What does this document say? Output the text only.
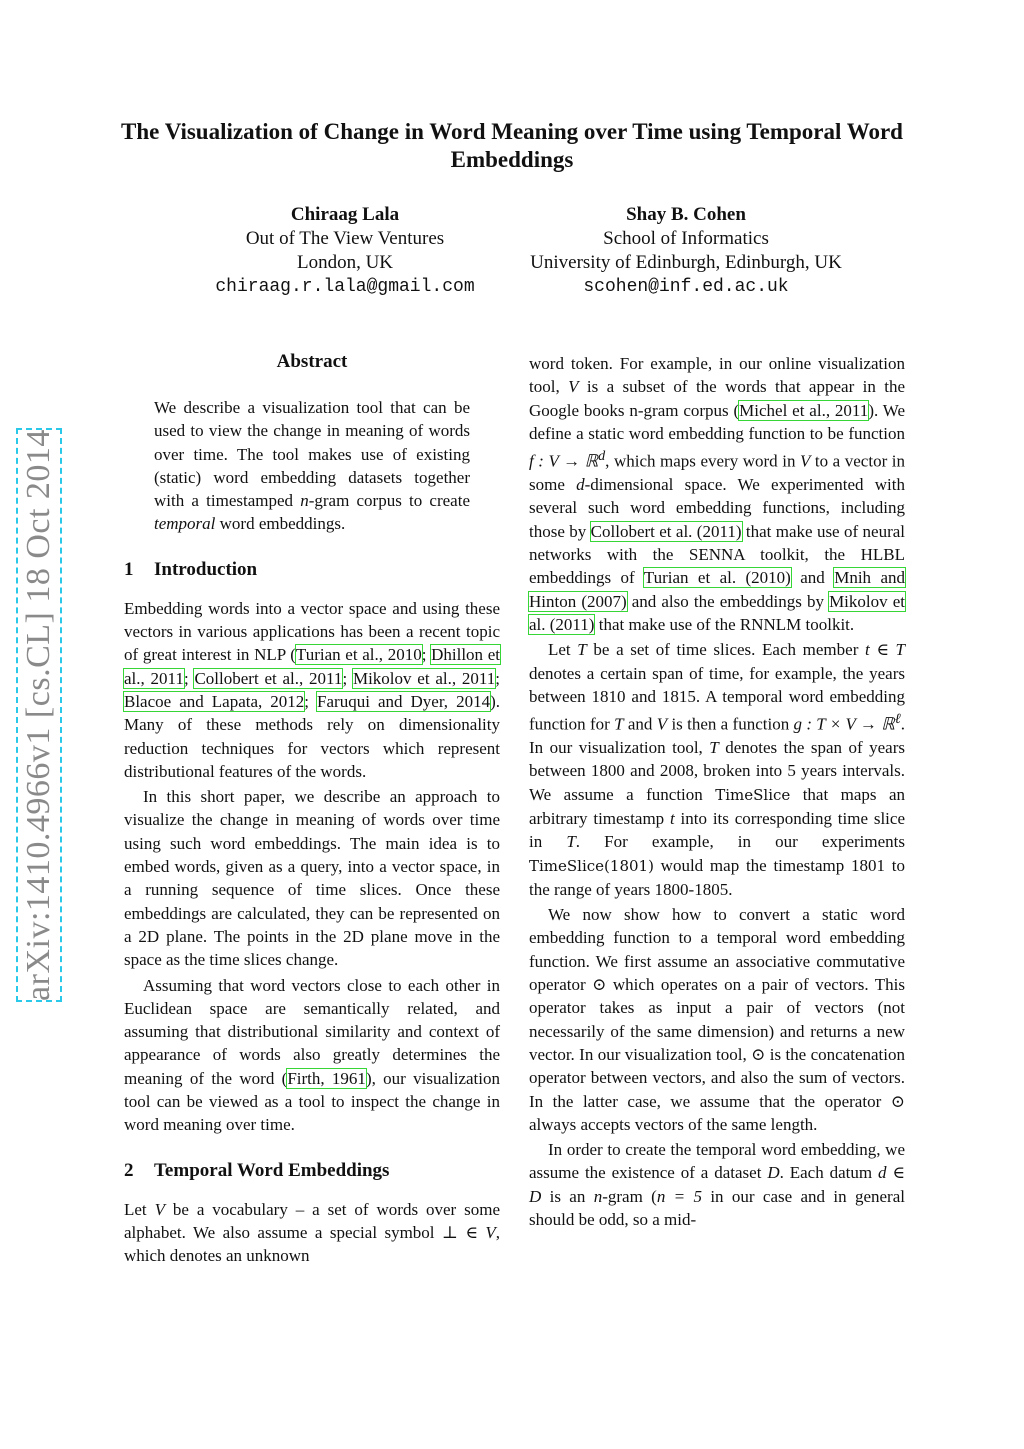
The Visualization of Change in Word Meaning over Time using Temporal Word Embeddings
Chiraag Lala
Out of The View Ventures
London, UK
chiraag.r.lala@gmail.com
Shay B. Cohen
School of Informatics
University of Edinburgh, Edinburgh, UK
scohen@inf.ed.ac.uk
arXiv:1410.4966v1 [cs.CL] 18 Oct 2014
Abstract

We describe a visualization tool that can be used to view the change in meaning of words over time. The tool makes use of existing (static) word embedding datasets together with a timestamped n-gram corpus to create temporal word embeddings.

1 Introduction

Embedding words into a vector space and using these vectors in various applications has been a recent topic of great interest in NLP (Turian et al., 2010; Dhillon et al., 2011; Collobert et al., 2011; Mikolov et al., 2011; Blacoe and Lapata, 2012; Faruqui and Dyer, 2014). Many of these methods rely on dimensionality reduction techniques for vectors which represent distributional features of the words.

In this short paper, we describe an approach to visualize the change in meaning of words over time using such word embeddings. The main idea is to embed words, given as a query, into a vector space, in a running sequence of time slices. Once these embeddings are calculated, they can be represented on a 2D plane. The points in the 2D plane move in the space as the time slices change.

Assuming that word vectors close to each other in Euclidean space are semantically related, and assuming that distributional similarity and context of appearance of words also greatly determines the meaning of the word (Firth, 1961), our visualization tool can be viewed as a tool to inspect the change in word meaning over time.

2 Temporal Word Embeddings

Let V be a vocabulary – a set of words over some alphabet. We also assume a special symbol ⊥ ∈ V, which denotes an unknown

word token. For example, in our online visualization tool, V is a subset of the words that appear in the Google books n-gram corpus (Michel et al., 2011). We define a static word embedding function to be function f : V → ℝ$^d$, which maps every word in V to a vector in some d-dimensional space. We experimented with several such word embedding functions, including those by Collobert et al. (2011) that make use of neural networks with the SENNA toolkit, the HLBL embeddings of Turian et al. (2010) and Mnih and Hinton (2007) and also the embeddings by Mikolov et al. (2011) that make use of the RNNLM toolkit.

Let T be a set of time slices. Each member t ∈ T denotes a certain span of time, for example, the years between 1810 and 1815. A temporal word embedding function for T and V is then a function g : T × V → ℝ$^\ell$. In our visualization tool, T denotes the span of years between 1800 and 2008, broken into 5 years intervals. We assume a function TimeSlice that maps an arbitrary timestamp t into its corresponding time slice in T. For example, in our experiments TimeSlice(1801) would map the timestamp 1801 to the range of years 1800-1805.

We now show how to convert a static word embedding function to a temporal word embedding function. We first assume an associative commutative operator ⊙ which operates on a pair of vectors. This operator takes as input a pair of vectors (not necessarily of the same dimension) and returns a new vector. In our visualization tool, ⊙ is the concatenation operator between vectors, and also the sum of vectors. In the latter case, we assume that the operator ⊙ always accepts vectors of the same length.

In order to create the temporal word embedding, we assume the existence of a dataset D. Each datum d ∈ D is an n-gram (n = 5 in our case and in general should be odd, so a mid-
